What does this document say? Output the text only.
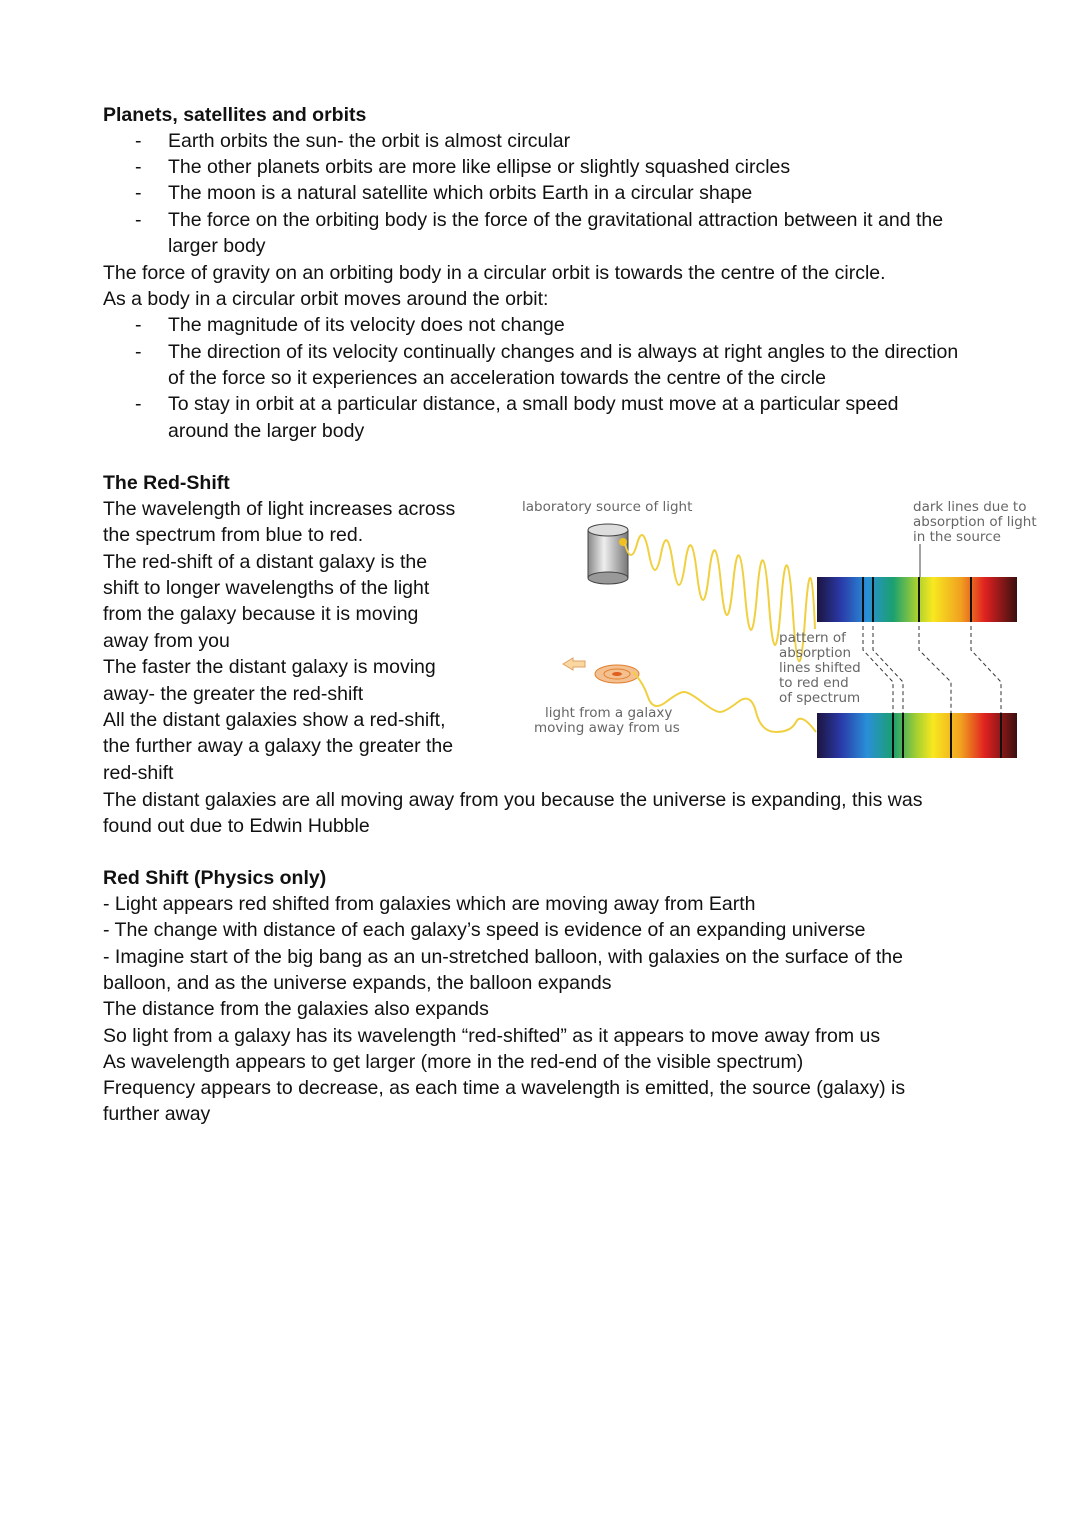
Planets, satellites and orbits
- Earth orbits the sun- the orbit is almost circular
- The other planets orbits are more like ellipse or slightly squashed circles
- The moon is a natural satellite which orbits Earth in a circular shape
- The force on the orbiting body is the force of the gravitational attraction between it and the
larger body
The force of gravity on an orbiting body in a circular orbit is towards the centre of the circle.
As a body in a circular orbit moves around the orbit:
- The magnitude of its velocity does not change
- The direction of its velocity continually changes and is always at right angles to the direction
of the force so it experiences an acceleration towards the centre of the circle
- To stay in orbit at a particular distance, a small body must move at a particular speed
around the larger body
The Red-Shift
The wavelength of light increases across
the spectrum from blue to red.
The red-shift of a distant galaxy is the
shift to longer wavelengths of the light
from the galaxy because it is moving
away from you
The faster the distant galaxy is moving
away- the greater the red-shift
All the distant galaxies show a red-shift,
the further away a galaxy the greater the
red-shift
The distant galaxies are all moving away from you because the universe is expanding, this was
found out due to Edwin Hubble
laboratory source of light	dark lines due to absorption of light in the source
pattern of absorption lines shifted to red end of spectrum
light from a galaxy moving away from us
Red Shift (Physics only)
- Light appears red shifted from galaxies which are moving away from Earth
- The change with distance of each galaxy’s speed is evidence of an expanding universe
- Imagine start of the big bang as an un-stretched balloon, with galaxies on the surface of the
balloon, and as the universe expands, the balloon expands
The distance from the galaxies also expands
So light from a galaxy has its wavelength “red-shifted” as it appears to move away from us
As wavelength appears to get larger (more in the red-end of the visible spectrum)
Frequency appears to decrease, as each time a wavelength is emitted, the source (galaxy) is
further away
